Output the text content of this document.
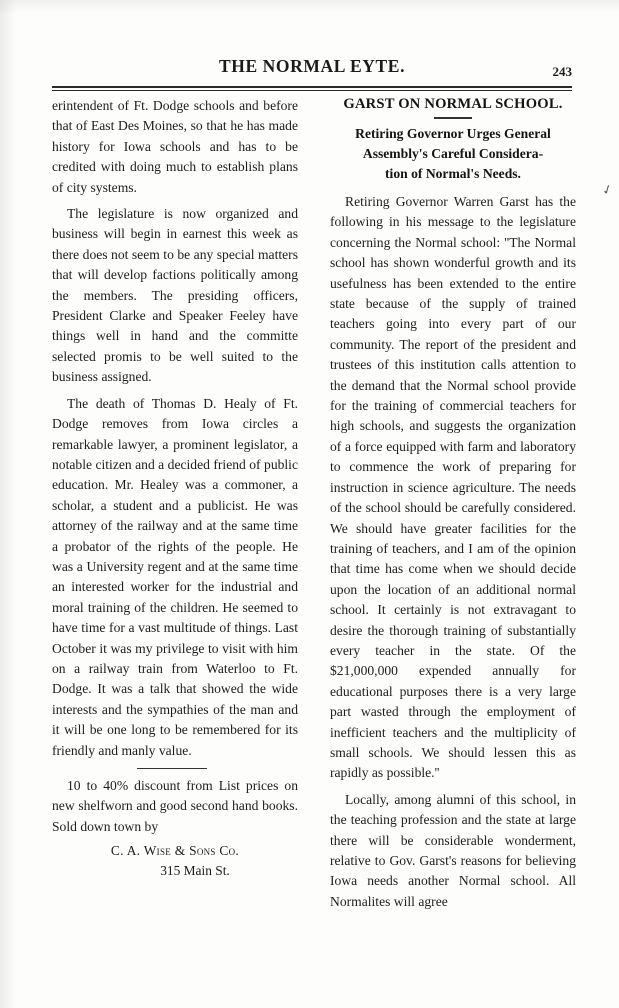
THE NORMAL EYTE.	243
✓

erintendent of Ft. Dodge schools and before that of East Des Moines, so that he has made history for Iowa schools and has to be credited with doing much to establish plans of city systems.

The legislature is now organized and business will begin in earnest this week as there does not seem to be any special matters that will develop factions politically among the members. The presiding officers, President Clarke and Speaker Feeley have things well in hand and the committe selected promis to be well suited to the business assigned.

The death of Thomas D. Healy of Ft. Dodge removes from Iowa circles a remarkable lawyer, a prominent legislator, a notable citizen and a decided friend of public education. Mr. Healey was a commoner, a scholar, a student and a publicist. He was attorney of the railway and at the same time a probator of the rights of the people. He was a University regent and at the same time an interested worker for the industrial and moral training of the children. He seemed to have time for a vast multitude of things. Last October it was my privilege to visit with him on a railway train from Waterloo to Ft. Dodge. It was a talk that showed the wide interests and the sympathies of the man and it will be one long to be remembered for its friendly and manly value.

10 to 40% discount from List prices on new shelfworn and good second hand books. Sold down town by

C. A. Wise & Sons Co.
315 Main St.
GARST ON NORMAL SCHOOL.
Retiring Governor Urges General
Assembly's Careful Considera-
tion of Normal's Needs.

Retiring Governor Warren Garst has the following in his message to the legislature concerning the Normal school: ''The Normal school has shown wonderful growth and its usefulness has been extended to the entire state because of the supply of trained teachers going into every part of our community. The report of the president and trustees of this institution calls attention to the demand that the Normal school provide for the training of commercial teachers for high schools, and suggests the organization of a force equipped with farm and laboratory to commence the work of preparing for instruction in science agriculture. The needs of the school should be carefully considered. We should have greater facilities for the training of teachers, and I am of the opinion that time has come when we should decide upon the location of an additional normal school. It certainly is not extravagant to desire the thorough training of substantially every teacher in the state. Of the $21,000,000 expended annually for educational purposes there is a very large part wasted through the employment of inefficient teachers and the multiplicity of small schools. We should lessen this as rapidly as possible.''

Locally, among alumni of this school, in the teaching profession and the state at large there will be considerable wonderment, relative to Gov. Garst's reasons for believing Iowa needs another Normal school. All Normalites will agree
